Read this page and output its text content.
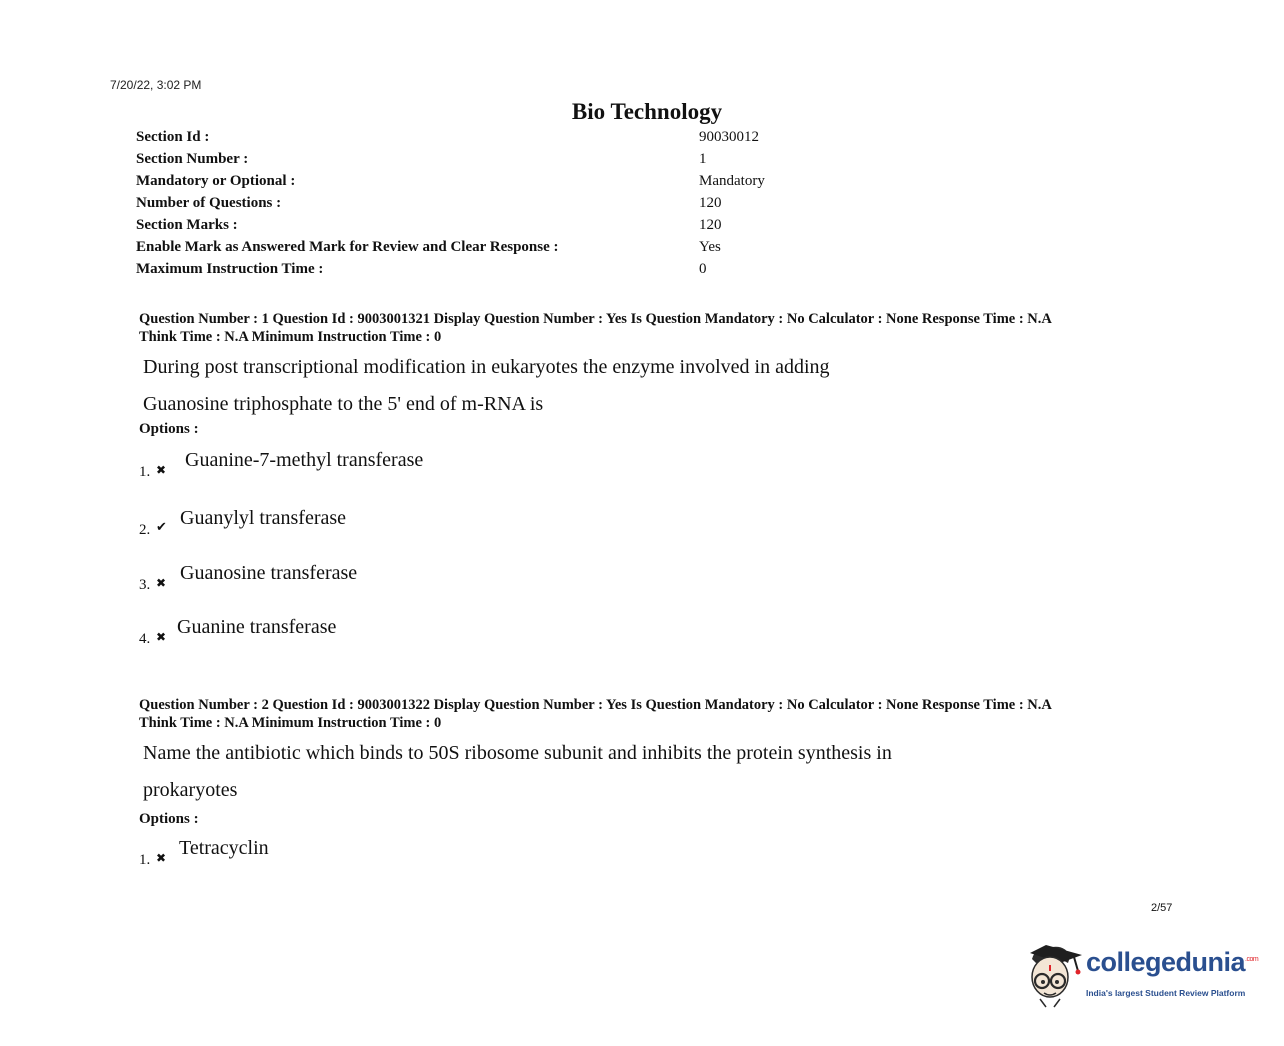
7/20/22, 3:02 PM
Bio Technology
Section Id :	90030012
Section Number :	1
Mandatory or Optional :	Mandatory
Number of Questions :	120
Section Marks :	120
Enable Mark as Answered Mark for Review and Clear Response :	Yes
Maximum Instruction Time :	0
Question Number : 1 Question Id : 9003001321 Display Question Number : Yes Is Question Mandatory : No Calculator : None Response Time : N.A
Think Time : N.A Minimum Instruction Time : 0
During post transcriptional modification in eukaryotes the enzyme involved in adding
Guanosine triphosphate to the 5' end of m-RNA is
Options :
1. ✖ Guanine-7-methyl transferase
2. ✔ Guanylyl transferase
3. ✖ Guanosine transferase
4. ✖ Guanine transferase
Question Number : 2 Question Id : 9003001322 Display Question Number : Yes Is Question Mandatory : No Calculator : None Response Time : N.A
Think Time : N.A Minimum Instruction Time : 0
Name the antibiotic which binds to 50S ribosome subunit and inhibits the protein synthesis in
prokaryotes
Options :
1. ✖ Tetracyclin
2/57
collegedunia$^{.com}$
India's largest Student Review Platform
